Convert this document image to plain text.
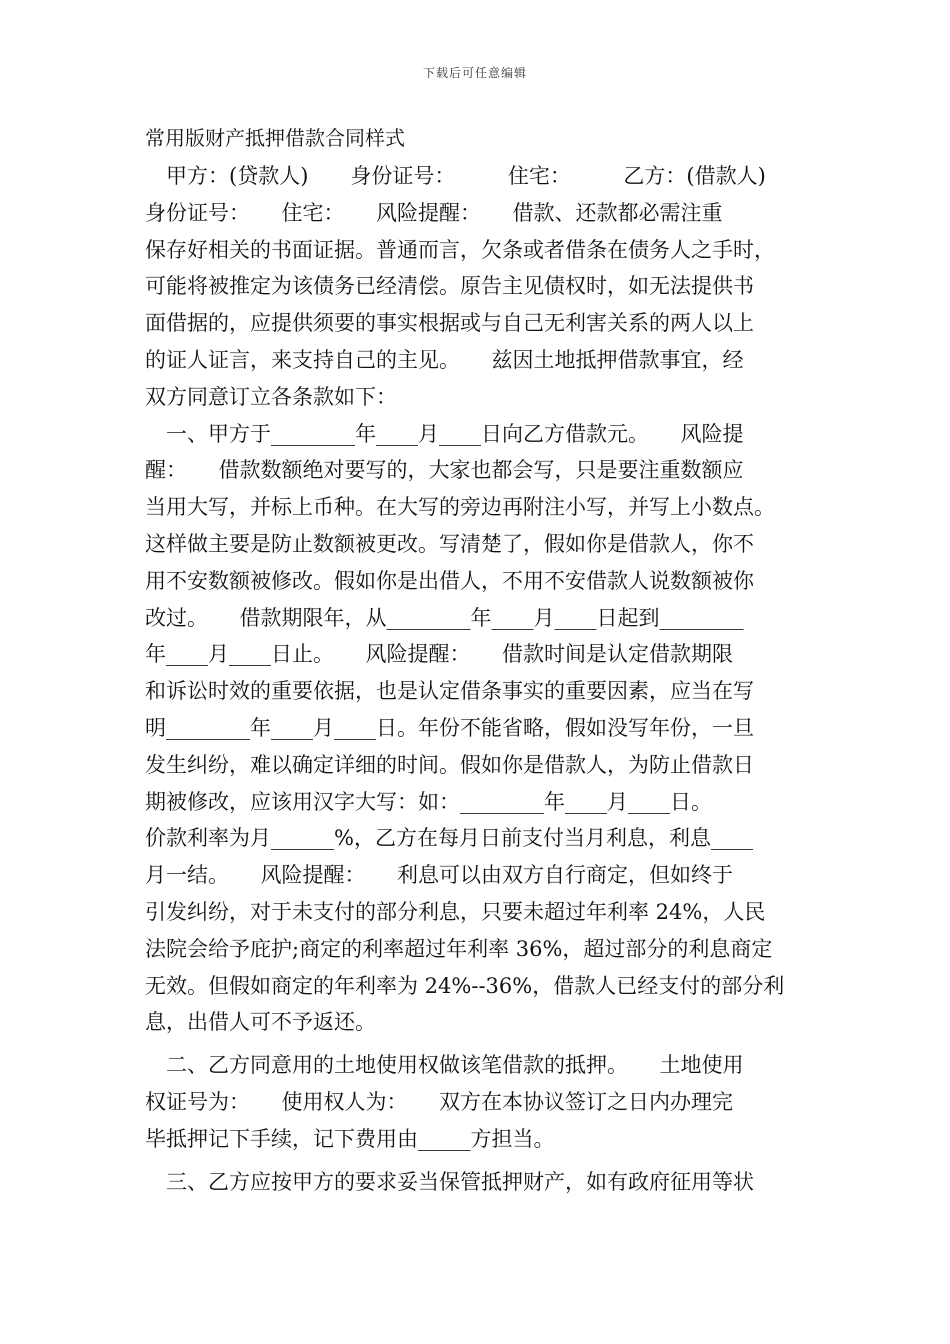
下载后可任意编辑
常用版财产抵押借款合同样式
　甲方：(贷款人)　　身份证号：　　　住宅：　　　乙方：(借款人)
身份证号：　　住宅：　　风险提醒：　　借款、还款都必需注重
保存好相关的书面证据。普通而言，欠条或者借条在债务人之手时，
可能将被推定为该债务已经清偿。原告主见债权时，如无法提供书
面借据的，应提供须要的事实根据或与自己无利害关系的两人以上
的证人证言，来支持自己的主见。　　兹因土地抵押借款事宜，经
双方同意订立各条款如下：
　一、甲方于________年____月____日向乙方借款元。　　风险提
醒：　　借款数额绝对要写的，大家也都会写，只是要注重数额应
当用大写，并标上币种。在大写的旁边再附注小写，并写上小数点。
这样做主要是防止数额被更改。写清楚了，假如你是借款人，你不
用不安数额被修改。假如你是出借人，不用不安借款人说数额被你
改过。　　借款期限年，从________年____月____日起到________
年____月____日止。　　风险提醒：　　借款时间是认定借款期限
和诉讼时效的重要依据，也是认定借条事实的重要因素，应当在写
明________年____月____日。年份不能省略，假如没写年份，一旦
发生纠纷，难以确定详细的时间。假如你是借款人，为防止借款日
期被修改，应该用汉字大写：如：________年____月____日。
价款利率为月______%，乙方在每月日前支付当月利息，利息____
月一结。　　风险提醒：　　利息可以由双方自行商定，但如终于
引发纠纷，对于未支付的部分利息，只要未超过年利率 24%，人民
法院会给予庇护;商定的利率超过年利率 36%，超过部分的利息商定
无效。但假如商定的年利率为 24%--36%，借款人已经支付的部分利
息，出借人可不予返还。
　二、乙方同意用的土地使用权做该笔借款的抵押。　　土地使用
权证号为：　　使用权人为：　　双方在本协议签订之日内办理完
毕抵押记下手续，记下费用由_____方担当。
　三、乙方应按甲方的要求妥当保管抵押财产，如有政府征用等状
